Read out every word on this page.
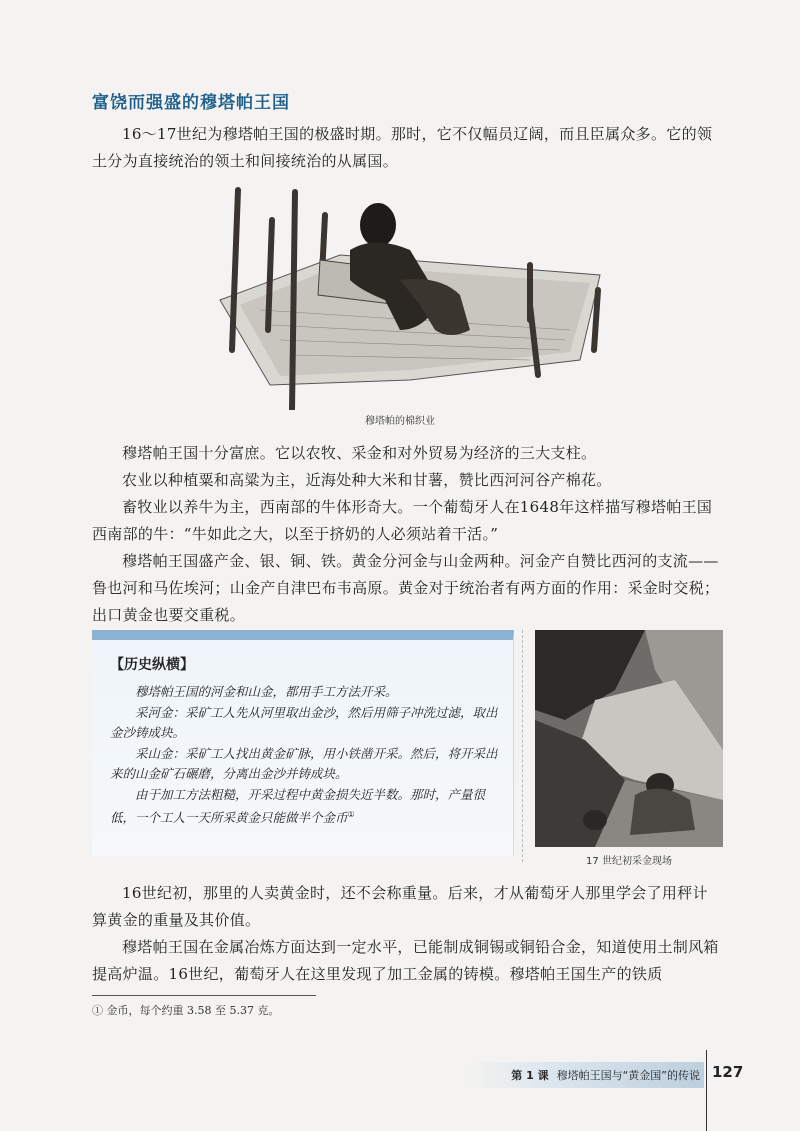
富饶而强盛的穆塔帕王国

16～17世纪为穆塔帕王国的极盛时期。那时，它不仅幅员辽阔，而且臣属众多。它的领土分为直接统治的领土和间接统治的从属国。

穆塔帕的棉织业

穆塔帕王国十分富庶。它以农牧、采金和对外贸易为经济的三大支柱。

农业以种植粟和高粱为主，近海处种大米和甘薯，赞比西河河谷产棉花。

畜牧业以养牛为主，西南部的牛体形奇大。一个葡萄牙人在1648年这样描写穆塔帕王国西南部的牛：“牛如此之大，以至于挤奶的人必须站着干活。”

穆塔帕王国盛产金、银、铜、铁。黄金分河金与山金两种。河金产自赞比西河的支流——鲁也河和马佐埃河；山金产自津巴布韦高原。黄金对于统治者有两方面的作用：采金时交税；出口黄金也要交重税。

【历史纵横】

穆塔帕王国的河金和山金，都用手工方法开采。

采河金：采矿工人先从河里取出金沙，然后用筛子冲洗过滤，取出金沙铸成块。

采山金：采矿工人找出黄金矿脉，用小铁凿开采。然后，将开采出来的山金矿石碾磨，分离出金沙并铸成块。

由于加工方法粗糙，开采过程中黄金损失近半数。那时，产量很低，一个工人一天所采黄金只能做半个金币①

17 世纪初采金现场

16世纪初，那里的人卖黄金时，还不会称重量。后来，才从葡萄牙人那里学会了用秤计算黄金的重量及其价值。

穆塔帕王国在金属冶炼方面达到一定水平，已能制成铜锡或铜铅合金，知道使用土制风箱提高炉温。16世纪，葡萄牙人在这里发现了加工金属的铸模。穆塔帕王国生产的铁质

① 金币，每个约重 3.58 至 5.37 克。
第 1 课 穆塔帕王国与“黄金国”的传说 127
